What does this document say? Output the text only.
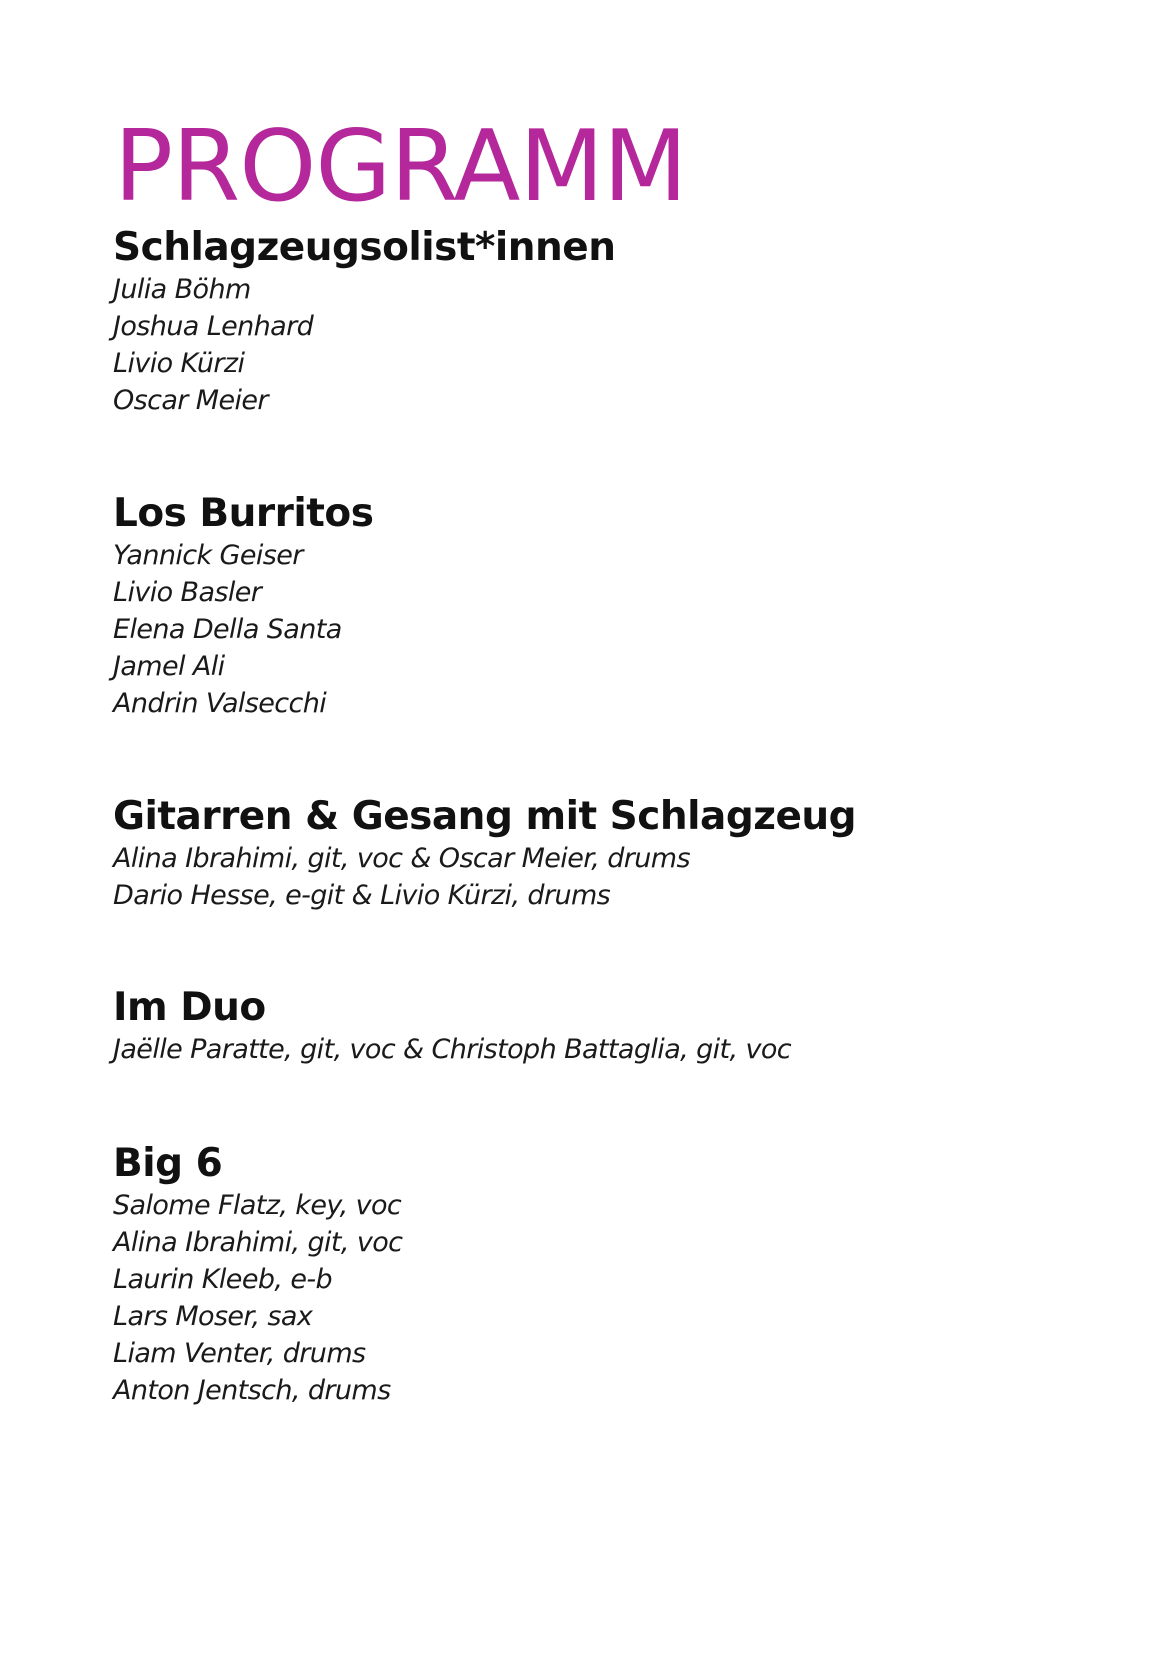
PROGRAMM
Schlagzeugsolist*innen
Julia Böhm
Joshua Lenhard
Livio Kürzi
Oscar Meier
Los Burritos
Yannick Geiser
Livio Basler
Elena Della Santa
Jamel Ali
Andrin Valsecchi
Gitarren & Gesang mit Schlagzeug
Alina Ibrahimi, git, voc & Oscar Meier, drums
Dario Hesse, e-git & Livio Kürzi, drums
Im Duo
Jaëlle Paratte, git, voc & Christoph Battaglia, git, voc
Big 6
Salome Flatz, key, voc
Alina Ibrahimi, git, voc
Laurin Kleeb, e-b
Lars Moser, sax
Liam Venter, drums
Anton Jentsch, drums
